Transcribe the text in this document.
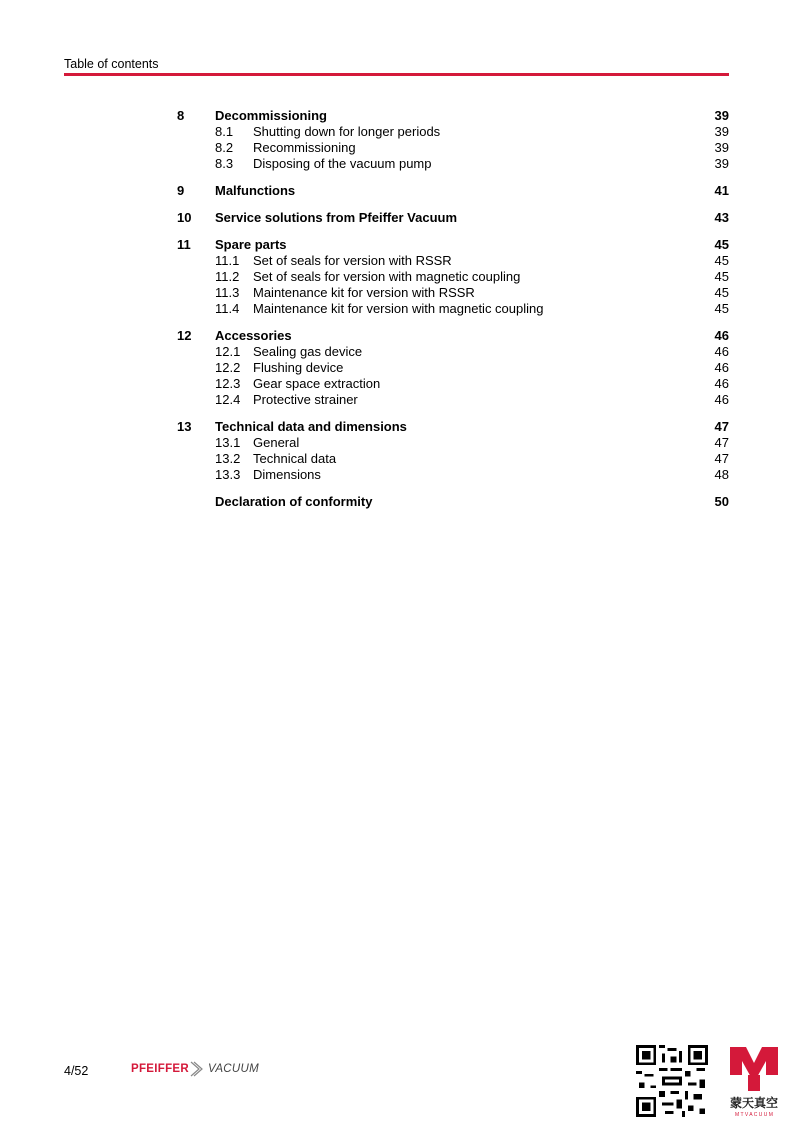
Table of contents
8	Decommissioning	39
8.1	Shutting down for longer periods	39
8.2	Recommissioning	39
8.3	Disposing of the vacuum pump	39
9	Malfunctions	41
10	Service solutions from Pfeiffer Vacuum	43
11	Spare parts	45
11.1	Set of seals for version with RSSR	45
11.2	Set of seals for version with magnetic coupling	45
11.3	Maintenance kit for version with RSSR	45
11.4	Maintenance kit for version with magnetic coupling	45
12	Accessories	46
12.1 Sealing gas device	46
12.2 Flushing device	46
12.3 Gear space extraction	46
12.4 Protective strainer	46
13	Technical data and dimensions	47
13.1 General	47
13.2 Technical data	47
13.3 Dimensions	48
Declaration of conformity	50
4/52	PFEIFFER VACUUM
蒙天真空
M T V A C U U M
